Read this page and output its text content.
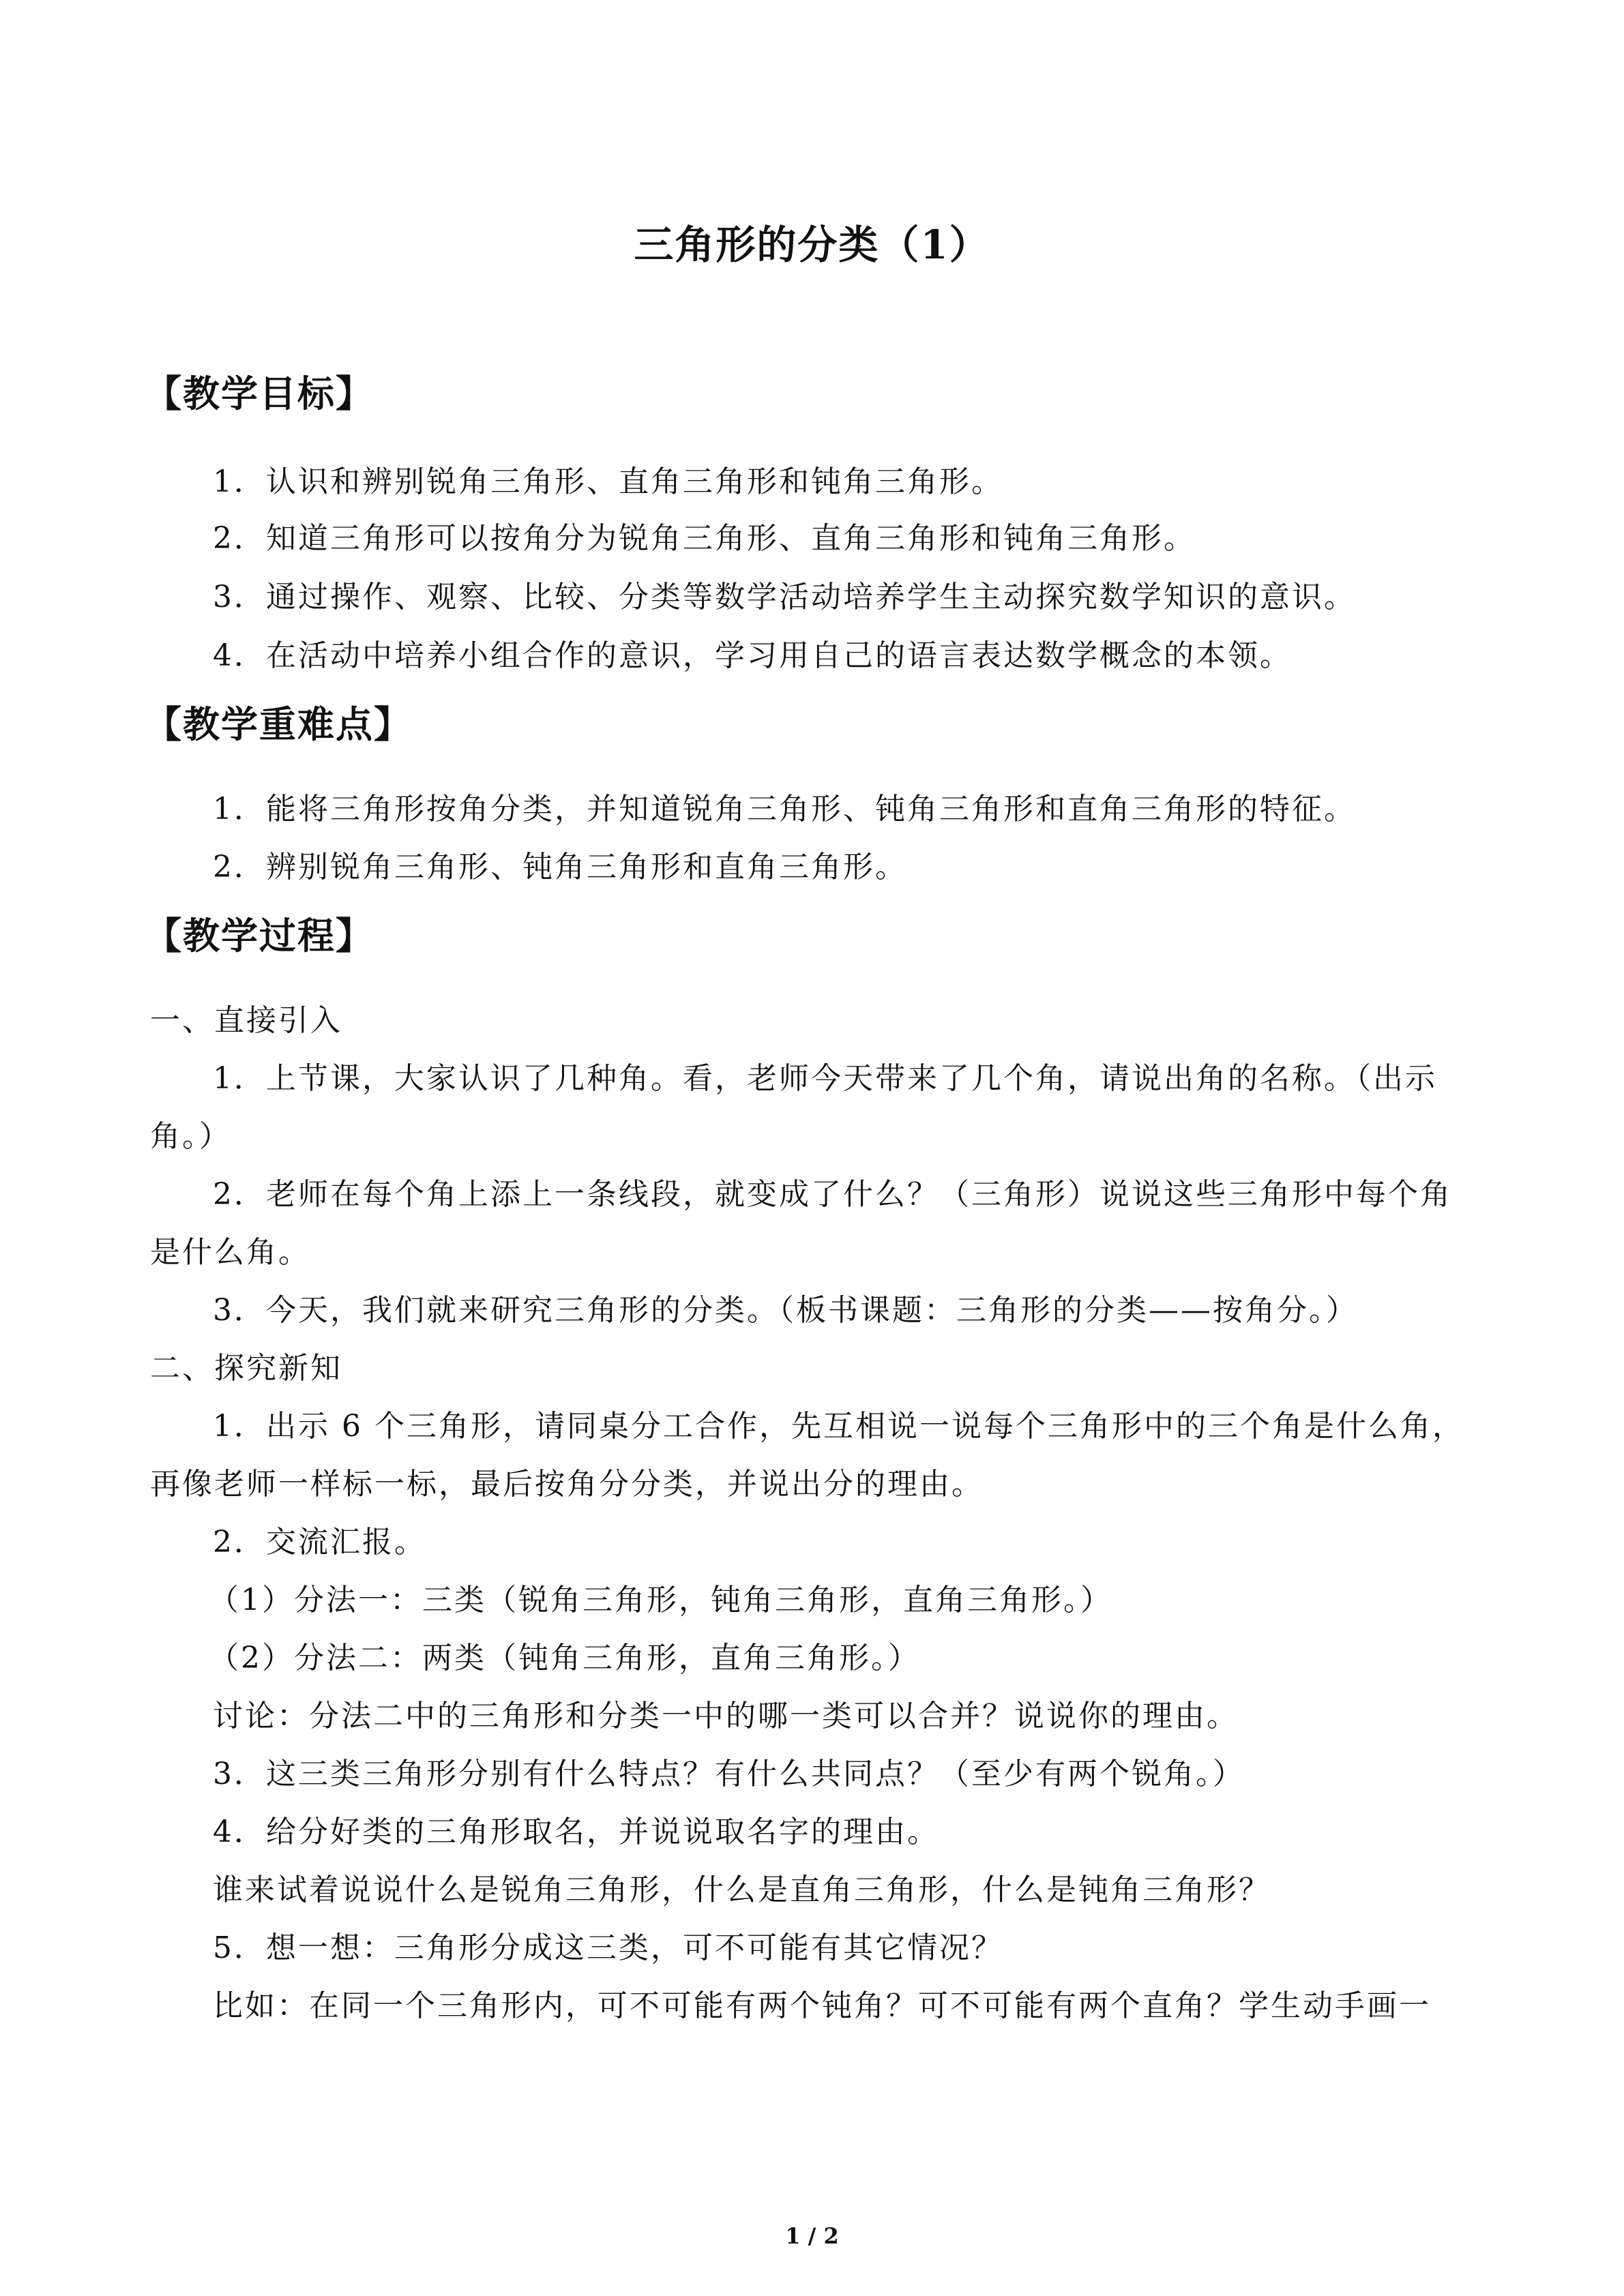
三角形的分类（1）
【教学目标】
1．认识和辨别锐角三角形、直角三角形和钝角三角形。
2．知道三角形可以按角分为锐角三角形、直角三角形和钝角三角形。
3．通过操作、观察、比较、分类等数学活动培养学生主动探究数学知识的意识。
4．在活动中培养小组合作的意识，学习用自己的语言表达数学概念的本领。
【教学重难点】
1．能将三角形按角分类，并知道锐角三角形、钝角三角形和直角三角形的特征。
2．辨别锐角三角形、钝角三角形和直角三角形。
【教学过程】
一、直接引入
1．上节课，大家认识了几种角。看，老师今天带来了几个角，请说出角的名称。（出示
角。）
2．老师在每个角上添上一条线段，就变成了什么？（三角形）说说这些三角形中每个角
是什么角。
3．今天，我们就来研究三角形的分类。（板书课题：三角形的分类——按角分。）
二、探究新知
1．出示 6 个三角形，请同桌分工合作，先互相说一说每个三角形中的三个角是什么角，
再像老师一样标一标，最后按角分分类，并说出分的理由。
2．交流汇报。
（1）分法一：三类（锐角三角形，钝角三角形，直角三角形。）
（2）分法二：两类（钝角三角形，直角三角形。）
讨论：分法二中的三角形和分类一中的哪一类可以合并？说说你的理由。
3．这三类三角形分别有什么特点？有什么共同点？（至少有两个锐角。）
4．给分好类的三角形取名，并说说取名字的理由。
谁来试着说说什么是锐角三角形，什么是直角三角形，什么是钝角三角形？
5．想一想：三角形分成这三类，可不可能有其它情况？
比如：在同一个三角形内，可不可能有两个钝角？可不可能有两个直角？学生动手画一
1 / 2
